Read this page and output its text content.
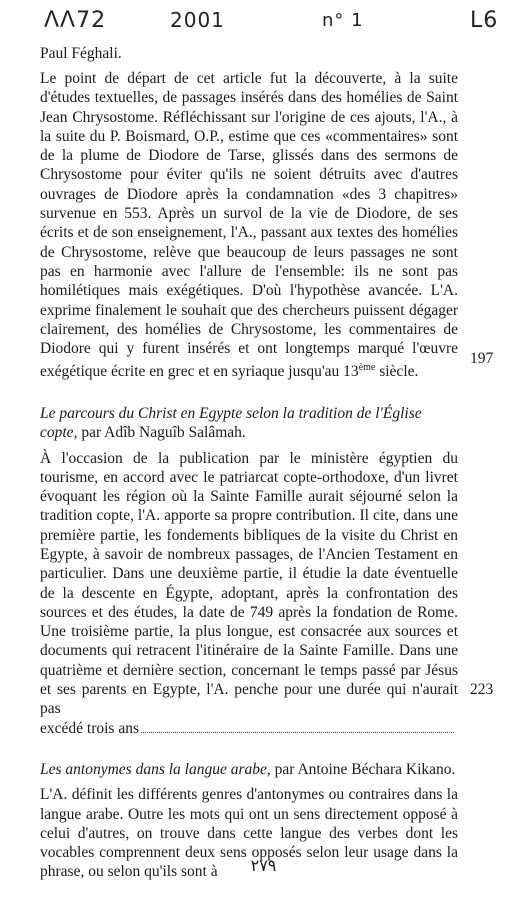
ΛΛ72	2001	n° 1	L6

Paul Féghali.

Le point de départ de cet article fut la découverte, à la suite d'études textuelles, de passages insérés dans des homélies de Saint Jean Chrysostome. Réfléchissant sur l'origine de ces ajouts, l'A., à la suite du P. Boismard, O.P., estime que ces «commentaires» sont de la plume de Diodore de Tarse, glissés dans des sermons de Chrysostome pour éviter qu'ils ne soient détruits avec d'autres ouvrages de Diodore après la condamnation «des 3 chapitres» survenue en 553. Après un survol de la vie de Diodore, de ses écrits et de son enseignement, l'A., passant aux textes des homélies de Chrysostome, relève que beaucoup de leurs passages ne sont pas en harmonie avec l'allure de l'ensemble: ils ne sont pas homilétiques mais exégétiques. D'où l'hypothèse avancée. L'A. exprime finalement le souhait que des chercheurs puissent dégager clairement, des homélies de Chrysostome, les commentaires de Diodore qui y furent insérés et ont longtemps marqué l'œuvre exégétique écrite en grec et en syriaque jusqu'au 13ème siècle.

Le parcours du Christ en Egypte selon la tradition de l'Église copte, par Adîb Naguîb Salâmah.

À l'occasion de la publication par le ministère égyptien du tourisme, en accord avec le patriarcat copte-orthodoxe, d'un livret évoquant les région où la Sainte Famille aurait séjourné selon la tradition copte, l'A. apporte sa propre contribution. Il cite, dans une première partie, les fondements bibliques de la visite du Christ en Egypte, à savoir de nombreux passages, de l'Ancien Testament en particulier. Dans une deuxième partie, il étudie la date éventuelle de la descente en Égypte, adoptant, après la confrontation des sources et des études, la date de 749 après la fondation de Rome. Une troisième partie, la plus longue, est consacrée aux sources et documents qui retracent l'itinéraire de la Sainte Famille. Dans une quatrième et dernière section, concernant le temps passé par Jésus et ses parents en Egypte, l'A. penche pour une durée qui n'aurait pas

excédé trois ans

Les antonymes dans la langue arabe, par Antoine Béchara Kikano.

L'A. définit les différents genres d'antonymes ou contraires dans la langue arabe. Outre les mots qui ont un sens directement opposé à celui d'autres, on trouve dans cette langue des verbes dont les vocables comprennent deux sens opposés selon leur usage dans la phrase, ou selon qu'ils sont à

197
223
٢٧٩
